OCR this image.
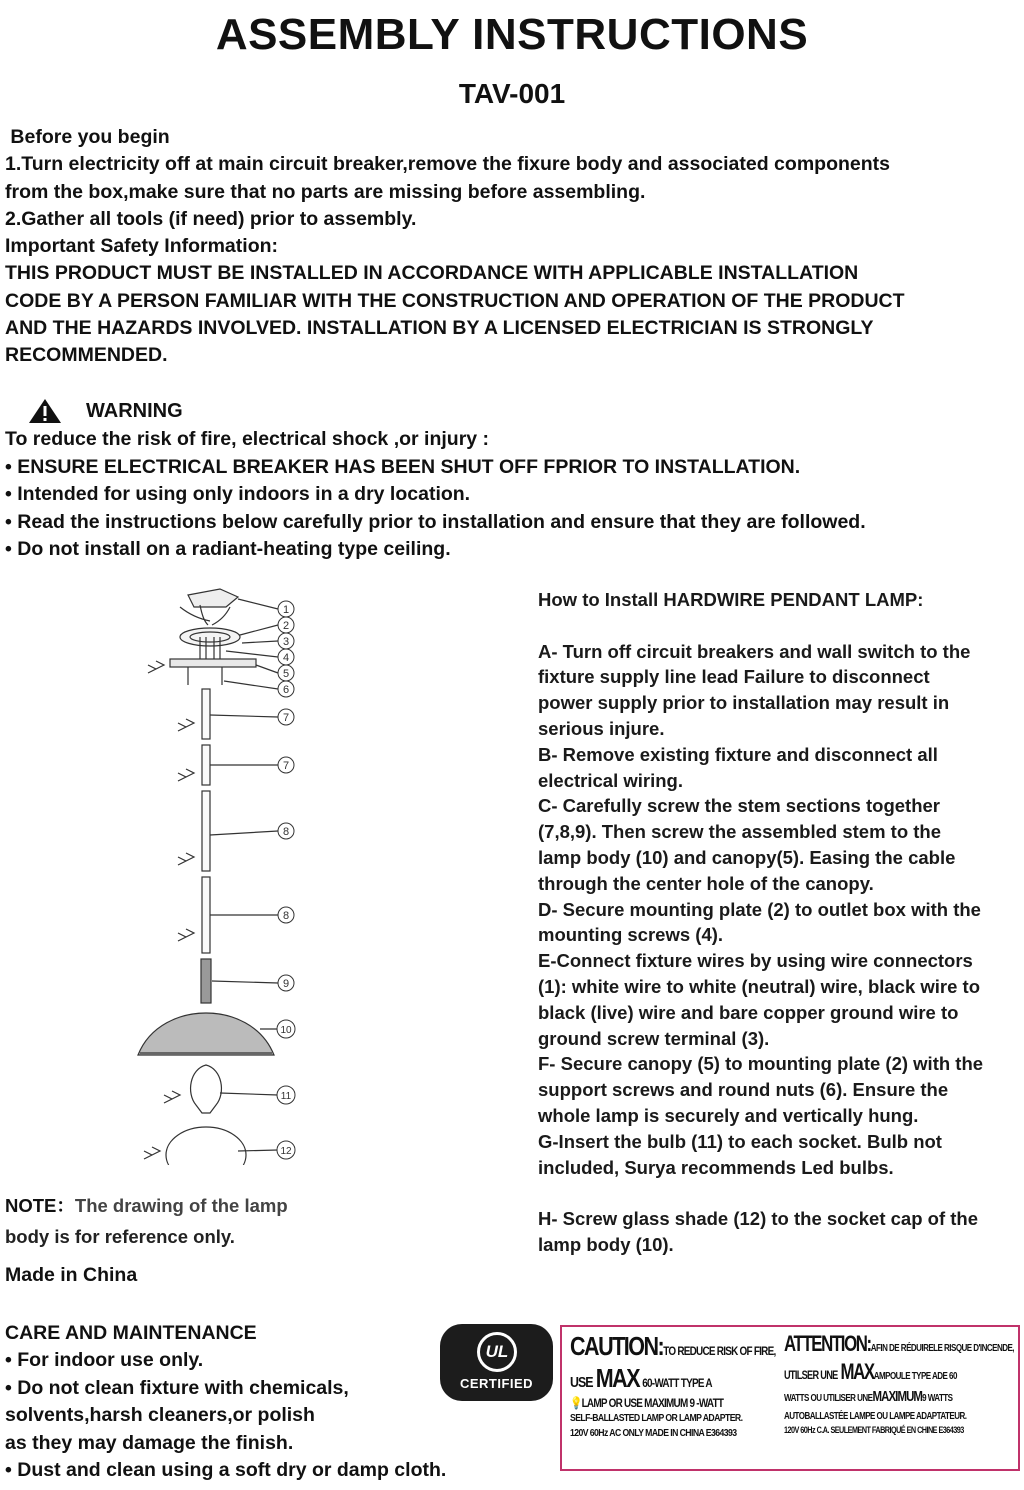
ASSEMBLY INSTRUCTIONS
TAV-001
Before you begin
1.Turn electricity off at main circuit breaker,remove the fixure body and associated components
from the box,make sure that no parts are missing before assembling.
2.Gather all tools (if need) prior to assembly.
Important Safety Information:
THIS PRODUCT MUST BE INSTALLED IN ACCORDANCE WITH APPLICABLE INSTALLATION
CODE BY A PERSON FAMILIAR WITH THE CONSTRUCTION AND OPERATION OF THE PRODUCT
AND THE HAZARDS INVOLVED. INSTALLATION BY A LICENSED ELECTRICIAN IS STRONGLY
RECOMMENDED.
WARNING
To reduce the risk of fire, electrical shock ,or injury :
• ENSURE ELECTRICAL BREAKER HAS BEEN SHUT OFF FPRIOR TO INSTALLATION.
• Intended for using only indoors in a dry location.
• Read the instructions below carefully prior to installation and ensure that they are followed.
• Do not install on a radiant-heating type ceiling.
1
2
3
4
5
6
7
7
8
8
9
10
11
12
NOTE：The drawing of the lamp
body is for reference only.
Made in China
CARE AND MAINTENANCE
• For indoor use only.
• Do not clean fixture with chemicals,
solvents,harsh cleaners,or polish
as they may damage the finish.
• Dust and clean using a soft dry or damp cloth.
How to Install HARDWIRE PENDANT LAMP:
A- Turn off circuit breakers and wall switch to the
fixture supply line lead Failure to disconnect
power supply prior to installation may result in
serious injure.
B- Remove existing fixture and disconnect all
electrical wiring.
C- Carefully screw the stem sections together
(7,8,9). Then screw the assembled stem to the
lamp body (10) and canopy(5). Easing the cable
through the center hole of the canopy.
D- Secure mounting plate (2) to outlet box with the
mounting screws (4).
E-Connect fixture wires by using wire connectors
(1): white wire to white (neutral) wire, black wire to
black (live) wire and bare copper ground wire to
ground screw terminal (3).
F- Secure canopy (5) to mounting plate (2) with the
support screws and round nuts (6). Ensure the
whole lamp is securely and vertically hung.
G-Insert the bulb (11) to each socket. Bulb not
included, Surya recommends Led bulbs.
H- Screw glass shade (12) to the socket cap of the
lamp body (10).
UL
CERTIFIED
CAUTION:TO REDUCE RISK OF FIRE,
USE MAX 60-WATT TYPE A
💡LAMP OR USE MAXIMUM 9 -WATT
SELF-BALLASTED LAMP OR LAMP ADAPTER.
120V 60Hz AC ONLY MADE IN CHINA E364393
ATTENTION:AFIN DE RÉDUIRELE RISQUE D'INCENDE,
UTILSER UNE MAXAMPOULE TYPE ADE 60
WATTS OU UTILISER UNEMAXIMUM9 WATTS
AUTOBALLASTÉE LAMPE OU LAMPE ADAPTATEUR.
120V 60Hz C.A. SEULEMENT FABRIQUÉ EN CHINE E364393
